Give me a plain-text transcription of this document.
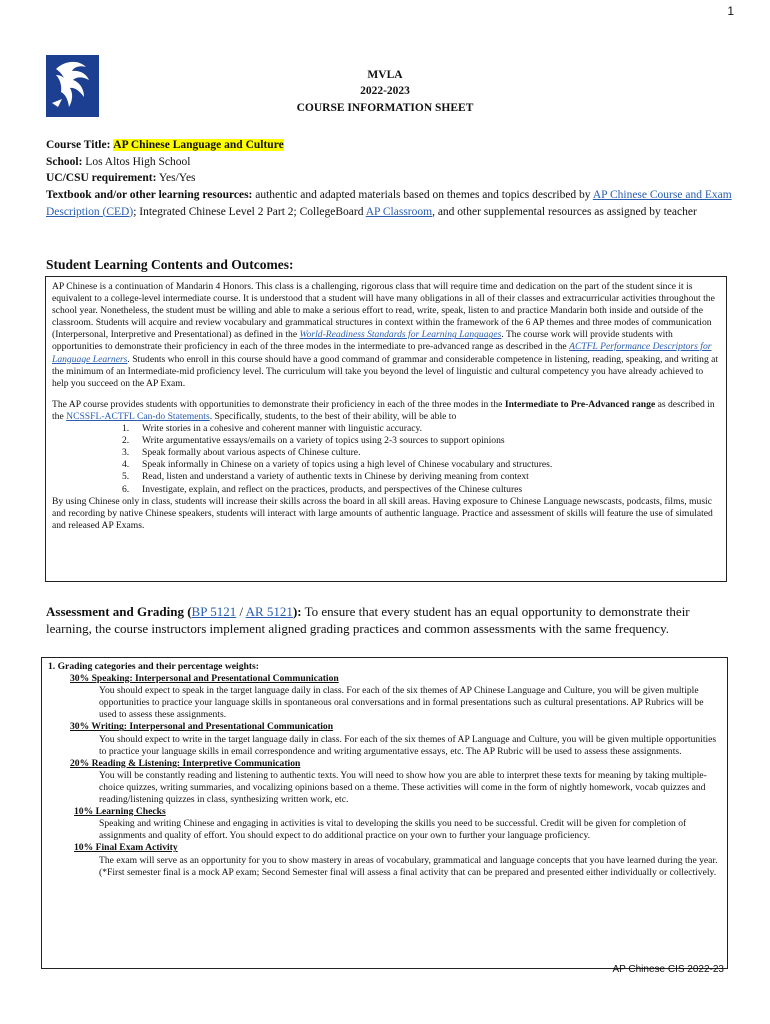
1
MVLA
2022-2023
COURSE INFORMATION SHEET
Course Title: AP Chinese Language and Culture
School: Los Altos High School
UC/CSU requirement: Yes/Yes
Textbook and/or other learning resources: authentic and adapted materials based on themes and topics described by AP Chinese Course and Exam Description (CED); Integrated Chinese Level 2 Part 2; CollegeBoard AP Classroom, and other supplemental resources as assigned by teacher
Student Learning Contents and Outcomes:

AP Chinese is a continuation of Mandarin 4 Honors. This class is a challenging, rigorous class that will require time and dedication on the part of the student since it is equivalent to a college-level intermediate course. It is understood that a student will have many obligations in all of their classes and extracurricular activities throughout the school year. Nonetheless, the student must be willing and able to make a serious effort to read, write, speak, listen to and practice Mandarin both inside and outside of the classroom. Students will acquire and review vocabulary and grammatical structures in context within the framework of the 6 AP themes and three modes of communication (Interpersonal, Interpretive and Presentational) as defined in the World-Readiness Standards for Learning Languages. The course work will provide students with opportunities to demonstrate their proficiency in each of the three modes in the intermediate to pre-advanced range as described in the ACTFL Performance Descriptors for Language Learners. Students who enroll in this course should have a good command of grammar and considerable competence in listening, reading, speaking, and writing at the minimum of an Intermediate-mid proficiency level. The curriculum will take you beyond the level of linguistic and cultural competency you have already achieved to help you succeed on the AP Exam.

The AP course provides students with opportunities to demonstrate their proficiency in each of the three modes in the Intermediate to Pre-Advanced range as described in the NCSSFL-ACTFL Can-do Statements. Specifically, students, to the best of their ability, will be able to

1.	Write stories in a cohesive and coherent manner with linguistic accuracy.
2.	Write argumentative essays/emails on a variety of topics using 2-3 sources to support opinions
3.	Speak formally about various aspects of Chinese culture.
4.	Speak informally in Chinese on a variety of topics using a high level of Chinese vocabulary and structures.
5.	Read, listen and understand a variety of authentic texts in Chinese by deriving meaning from context
6.	Investigate, explain, and reflect on the practices, products, and perspectives of the Chinese cultures

By using Chinese only in class, students will increase their skills across the board in all skill areas. Having exposure to Chinese Language newscasts, podcasts, films, music and recording by native Chinese speakers, students will interact with large amounts of authentic language. Practice and assessment of skills will feature the use of simulated and released AP Exams.

Assessment and Grading (BP 5121 / AR 5121): To ensure that every student has an equal opportunity to demonstrate their learning, the course instructors implement aligned grading practices and common assessments with the same frequency.
1. Grading categories and their percentage weights:
30% Speaking: Interpersonal and Presentational Communication
You should expect to speak in the target language daily in class. For each of the six themes of AP Chinese Language and Culture, you will be given multiple opportunities to practice your language skills in spontaneous oral conversations and in formal presentations such as cultural presentations. AP Rubrics will be used to assess these assignments.
30% Writing: Interpersonal and Presentational Communication
You should expect to write in the target language daily in class. For each of the six themes of AP Language and Culture, you will be given multiple opportunities to practice your language skills in email correspondence and writing argumentative essays, etc. The AP Rubric will be used to assess these assignments.
20% Reading & Listening: Interpretive Communication
You will be constantly reading and listening to authentic texts. You will need to show how you are able to interpret these texts for meaning by taking multiple-choice quizzes, writing summaries, and vocalizing opinions based on a theme. These activities will come in the form of nightly homework, vocab quizzes and reading/listening quizzes in class, synthesizing written work, etc.
10% Learning Checks
Speaking and writing Chinese and engaging in activities is vital to developing the skills you need to be successful. Credit will be given for completion of assignments and quality of effort. You should expect to do additional practice on your own to further your language proficiency.
10% Final Exam Activity
The exam will serve as an opportunity for you to show mastery in areas of vocabulary, grammatical and language concepts that you have learned during the year. (*First semester final is a mock AP exam; Second Semester final will assess a final activity that can be prepared and presented either individually or collectively.
AP Chinese CIS 2022-23
